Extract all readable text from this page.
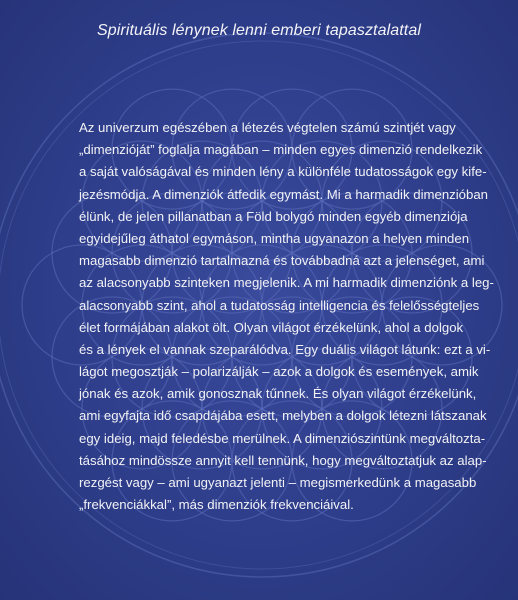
Spirituális lénynek lenni emberi tapasztalattal
Az univerzum egészében a létezés végtelen számú szintjét vagy
„dimenzióját” foglalja magában – minden egyes dimenzió rendelkezik
a saját valóságával és minden lény a különféle tudatosságok egy kife-
jezésmódja. A dimenziók átfedik egymást. Mi a harmadik dimenzióban
élünk, de jelen pillanatban a Föld bolygó minden egyéb dimenziója
egyidejűleg áthatol egymáson, mintha ugyanazon a helyen minden
magasabb dimenzió tartalmazná és továbbadná azt a jelenséget, ami
az alacsonyabb szinteken megjelenik. A mi harmadik dimenziónk a leg-
alacsonyabb szint, ahol a tudatosság intelligencia és felelősségteljes
élet formájában alakot ölt. Olyan világot érzékelünk, ahol a dolgok
és a lények el vannak szeparálódva. Egy duális világot látunk: ezt a vi-
lágot megosztják – polarizálják – azok a dolgok és események, amik
jónak és azok, amik gonosznak tűnnek. És olyan világot érzékelünk,
ami egyfajta idő csapdájába esett, melyben a dolgok létezni látszanak
egy ideig, majd feledésbe merülnek. A dimenziószintünk megváltozta-
tásához mindössze annyit kell tennünk, hogy megváltoztatjuk az alap-
rezgést vagy – ami ugyanazt jelenti – megismerkedünk a magasabb
„frekvenciákkal”, más dimenziók frekvenciáival.
